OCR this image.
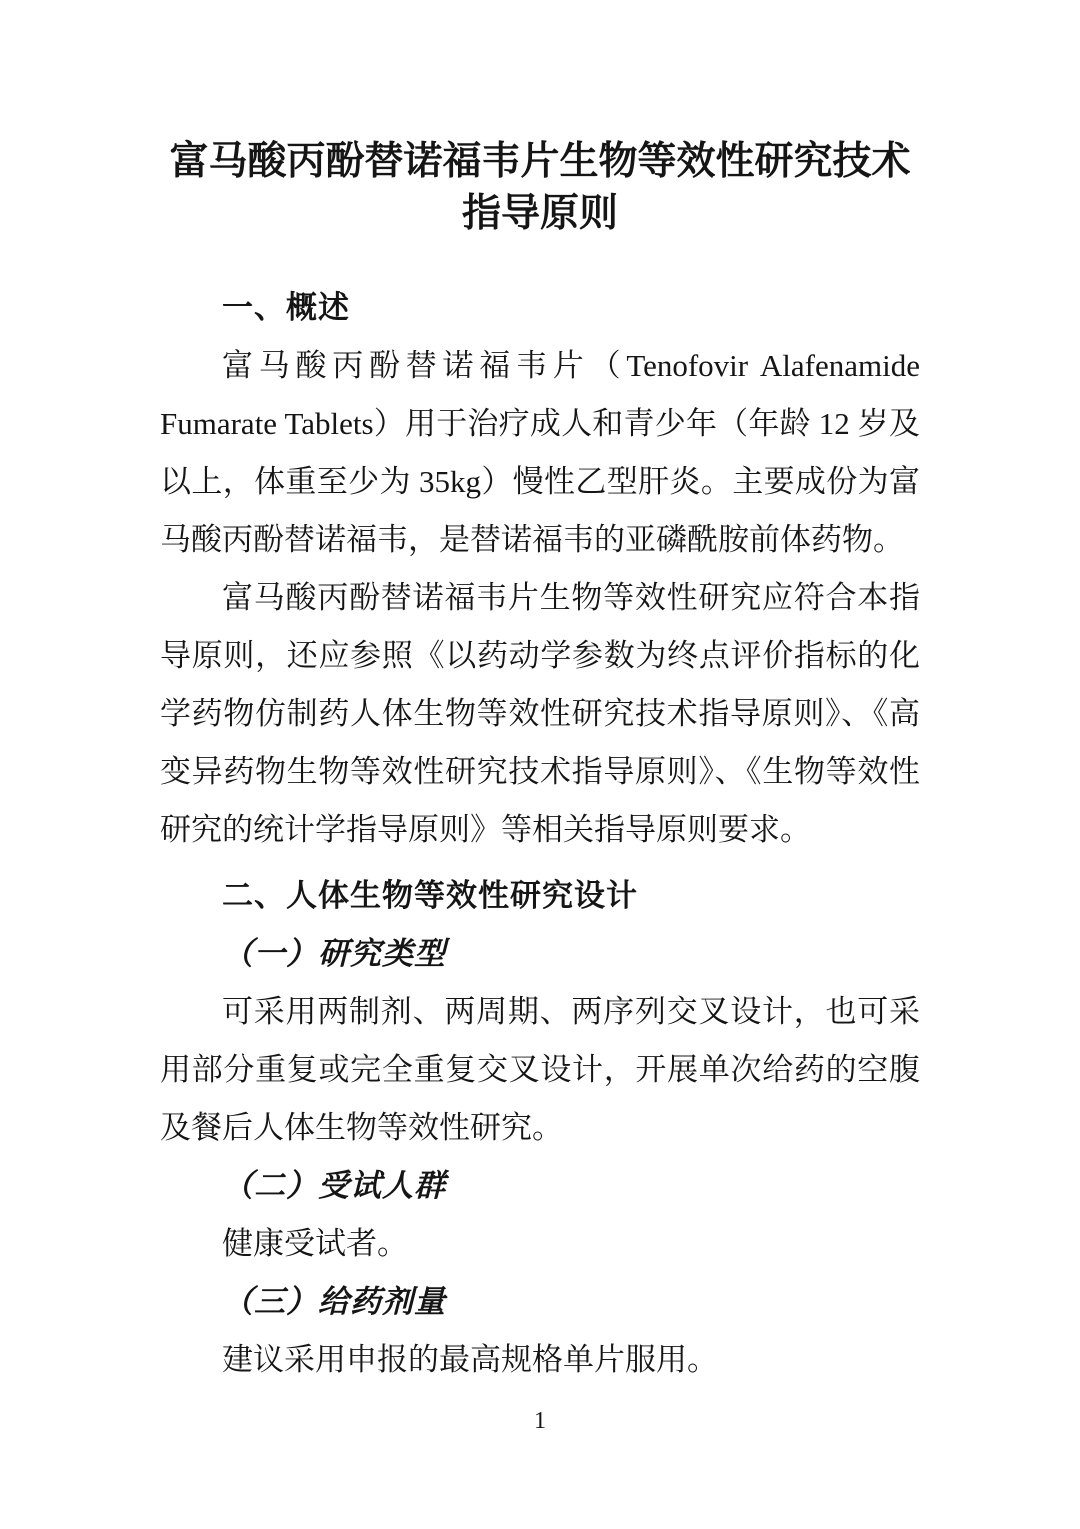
富马酸丙酚替诺福韦片生物等效性研究技术指导原则
一、概述

富马酸丙酚替诺福韦片（Tenofovir Alafenamide Fumarate Tablets）用于治疗成人和青少年（年龄 12 岁及以上，体重至少为 35kg）慢性乙型肝炎。主要成份为富马酸丙酚替诺福韦，是替诺福韦的亚磷酰胺前体药物。

富马酸丙酚替诺福韦片生物等效性研究应符合本指导原则，还应参照《以药动学参数为终点评价指标的化学药物仿制药人体生物等效性研究技术指导原则》、《高变异药物生物等效性研究技术指导原则》、《生物等效性研究的统计学指导原则》等相关指导原则要求。

二、人体生物等效性研究设计
（一）研究类型

可采用两制剂、两周期、两序列交叉设计，也可采用部分重复或完全重复交叉设计，开展单次给药的空腹及餐后人体生物等效性研究。

（二）受试人群

健康受试者。

（三）给药剂量

建议采用申报的最高规格单片服用。

1
